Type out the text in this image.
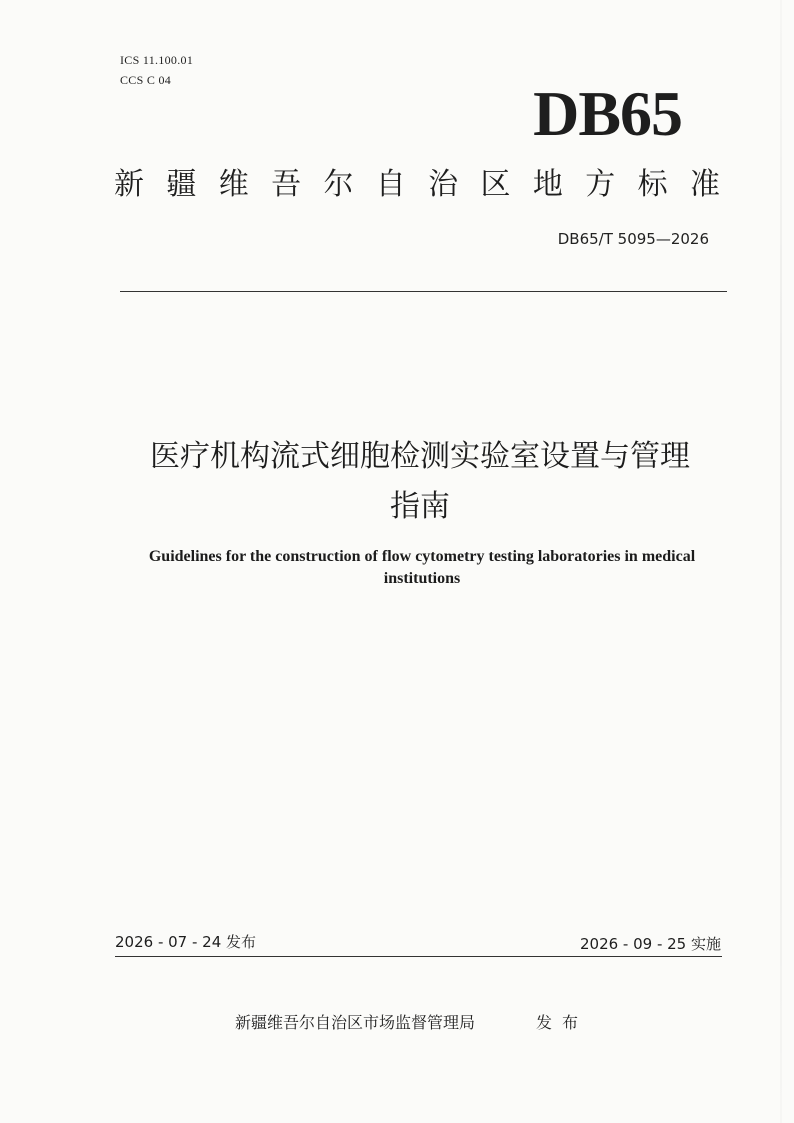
ICS 11.100.01
CCS C 04	DB65
新 疆 维 吾 尔 自 治 区 地 方 标 准
DB65/T 5095—2026
医疗机构流式细胞检测实验室设置与管理
指南
Guidelines for the construction of flow cytometry testing laboratories in medical
institutions
2026 - 07 - 24 发布	2026 - 09 - 25 实施
新疆维吾尔自治区市场监督管理局	发布
